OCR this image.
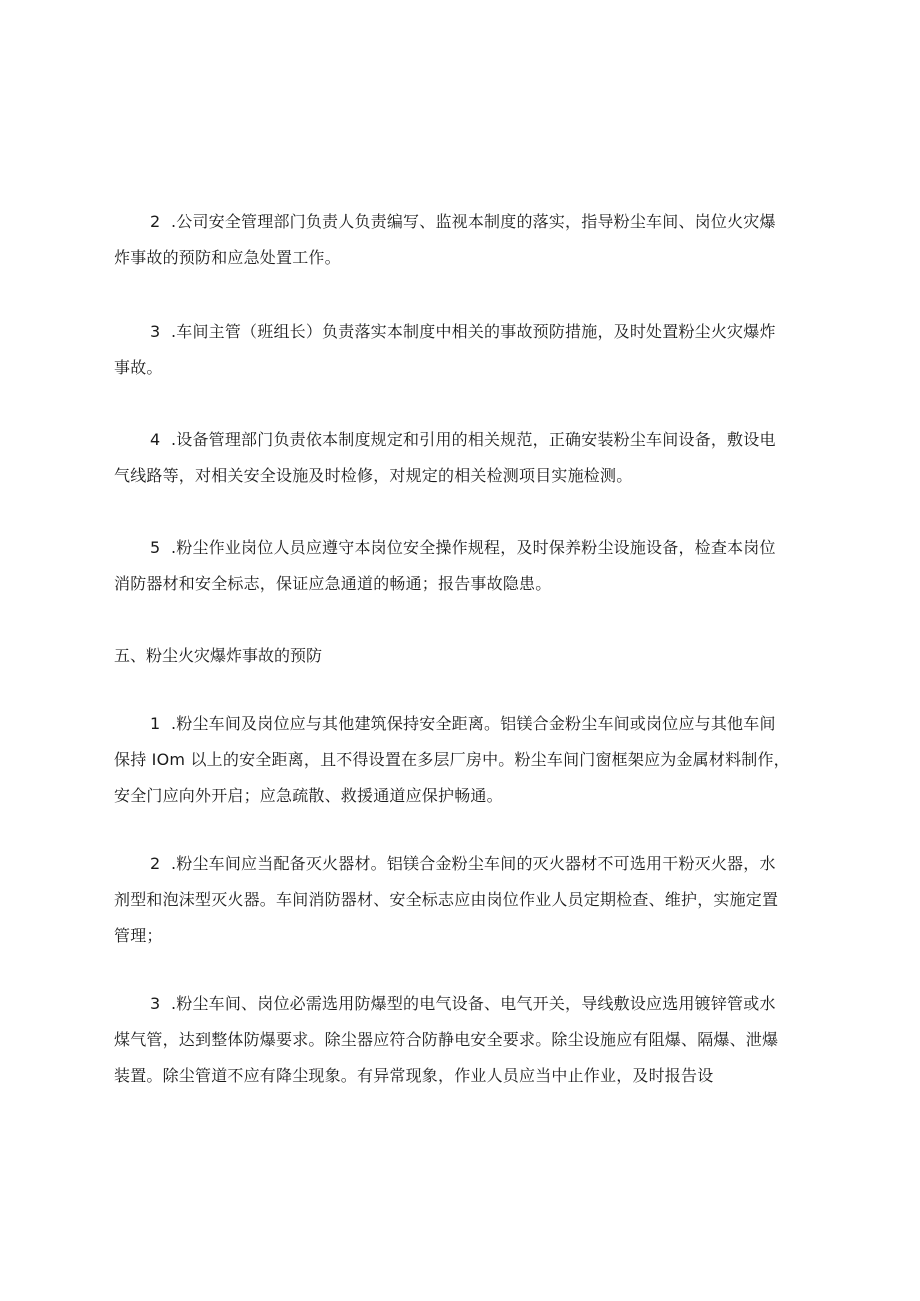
2  .公司安全管理部门负责人负责编写、监视本制度的落实，指导粉尘车间、岗位火灾爆
炸事故的预防和应急处置工作。

3  .车间主管（班组长）负责落实本制度中相关的事故预防措施，及时处置粉尘火灾爆炸
事故。

4  .设备管理部门负责依本制度规定和引用的相关规范，正确安装粉尘车间设备，敷设电
气线路等，对相关安全设施及时检修，对规定的相关检测项目实施检测。

5  .粉尘作业岗位人员应遵守本岗位安全操作规程，及时保养粉尘设施设备，检查本岗位
消防器材和安全标志，保证应急通道的畅通；报告事故隐患。

五、粉尘火灾爆炸事故的预防

1  .粉尘车间及岗位应与其他建筑保持安全距离。铝镁合金粉尘车间或岗位应与其他车间
保持 IOm 以上的安全距离，且不得设置在多层厂房中。粉尘车间门窗框架应为金属材料制作，
安全门应向外开启；应急疏散、救援通道应保护畅通。

2  .粉尘车间应当配备灭火器材。铝镁合金粉尘车间的灭火器材不可选用干粉灭火器，水
剂型和泡沫型灭火器。车间消防器材、安全标志应由岗位作业人员定期检查、维护，实施定置
管理；

3  .粉尘车间、岗位必需选用防爆型的电气设备、电气开关，导线敷设应选用镀锌管或水
煤气管，达到整体防爆要求。除尘器应符合防静电安全要求。除尘设施应有阻爆、隔爆、泄爆
装置。除尘管道不应有降尘现象。有异常现象，作业人员应当中止作业，及时报告设
